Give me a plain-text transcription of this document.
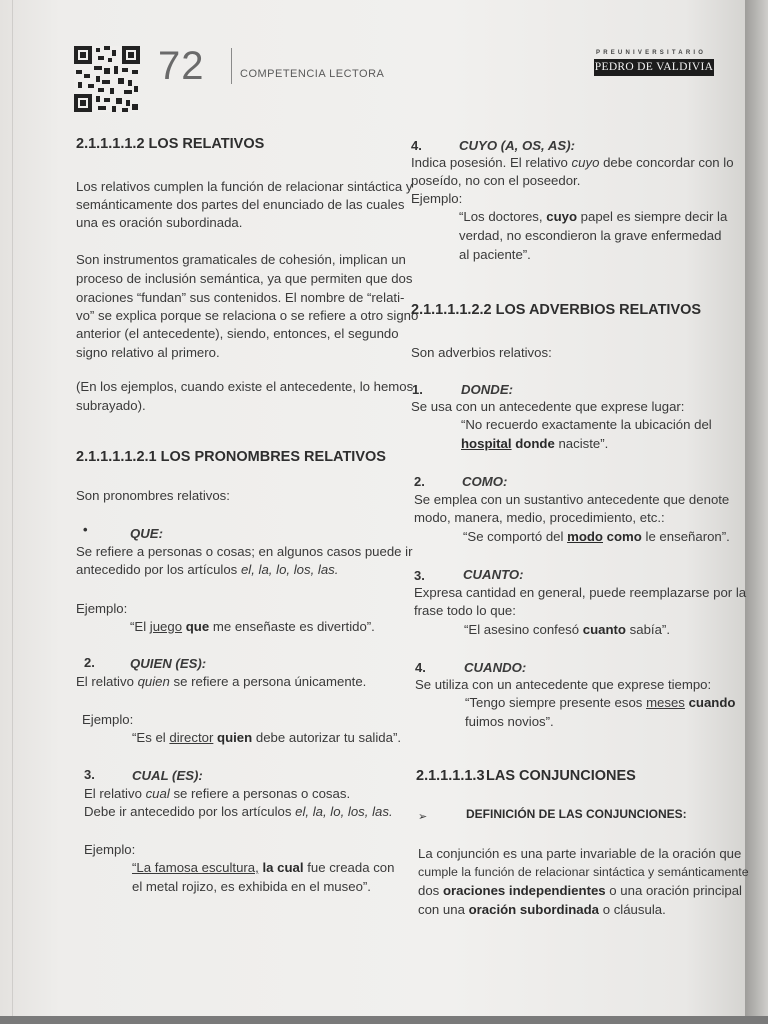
72	COMPETENCIA LECTORA
PREUNIVERSITARIO
PEDRO DE VALDIVIA
2.1.1.1.1.2 LOS RELATIVOS
Los relativos cumplen la función de relacionar sintáctica y
semánticamente dos partes del enunciado de las cuales
una es oración subordinada.
Son instrumentos gramaticales de cohesión, implican un
proceso de inclusión semántica, ya que permiten que dos
oraciones “fundan” sus contenidos. El nombre de “relati-
vo” se explica porque se relaciona o se refiere a otro signo
anterior (el antecedente), siendo, entonces, el segundo
signo relativo al primero.
(En los ejemplos, cuando existe el antecedente, lo hemos
subrayado).
2.1.1.1.1.2.1 LOS PRONOMBRES RELATIVOS
Son pronombres relativos:
•	QUE:
Se refiere a personas o cosas; en algunos casos puede ir
antecedido por los artículos el, la, lo, los, las.
Ejemplo:
“El juego que me enseñaste es divertido”.
2.	QUIEN (ES):
El relativo quien se refiere a persona únicamente.
Ejemplo:
“Es el director quien debe autorizar tu salida”.
3.	CUAL (ES):
El relativo cual se refiere a personas o cosas.
Debe ir antecedido por los artículos el, la, lo, los, las.
Ejemplo:
“La famosa escultura, la cual fue creada con
el metal rojizo, es exhibida en el museo”.
4.	CUYO (A, OS, AS):
Indica posesión. El relativo cuyo debe concordar con lo
poseído, no con el poseedor.
Ejemplo:
“Los doctores, cuyo papel es siempre decir la
verdad, no escondieron la grave enfermedad
al paciente”.
2.1.1.1.1.2.2 LOS ADVERBIOS RELATIVOS
Son adverbios relativos:
1.	DONDE:
Se usa con un antecedente que exprese lugar:
“No recuerdo exactamente la ubicación del
hospital donde naciste”.
2.	COMO:
Se emplea con un sustantivo antecedente que denote
modo, manera, medio, procedimiento, etc.:
“Se comportó del modo como le enseñaron”.
3.	CUANTO:
Expresa cantidad en general, puede reemplazarse por la
frase todo lo que:
“El asesino confesó cuanto sabía”.
4.	CUANDO:
Se utiliza con un antecedente que exprese tiempo:
“Tengo siempre presente esos meses cuando
fuimos novios”.
2.1.1.1.1.3 LAS CONJUNCIONES
➢	DEFINICIÓN DE LAS CONJUNCIONES:
La conjunción es una parte invariable de la oración que
cumple la función de relacionar sintáctica y semánticamente
dos oraciones independientes o una oración principal
con una oración subordinada o cláusula.
